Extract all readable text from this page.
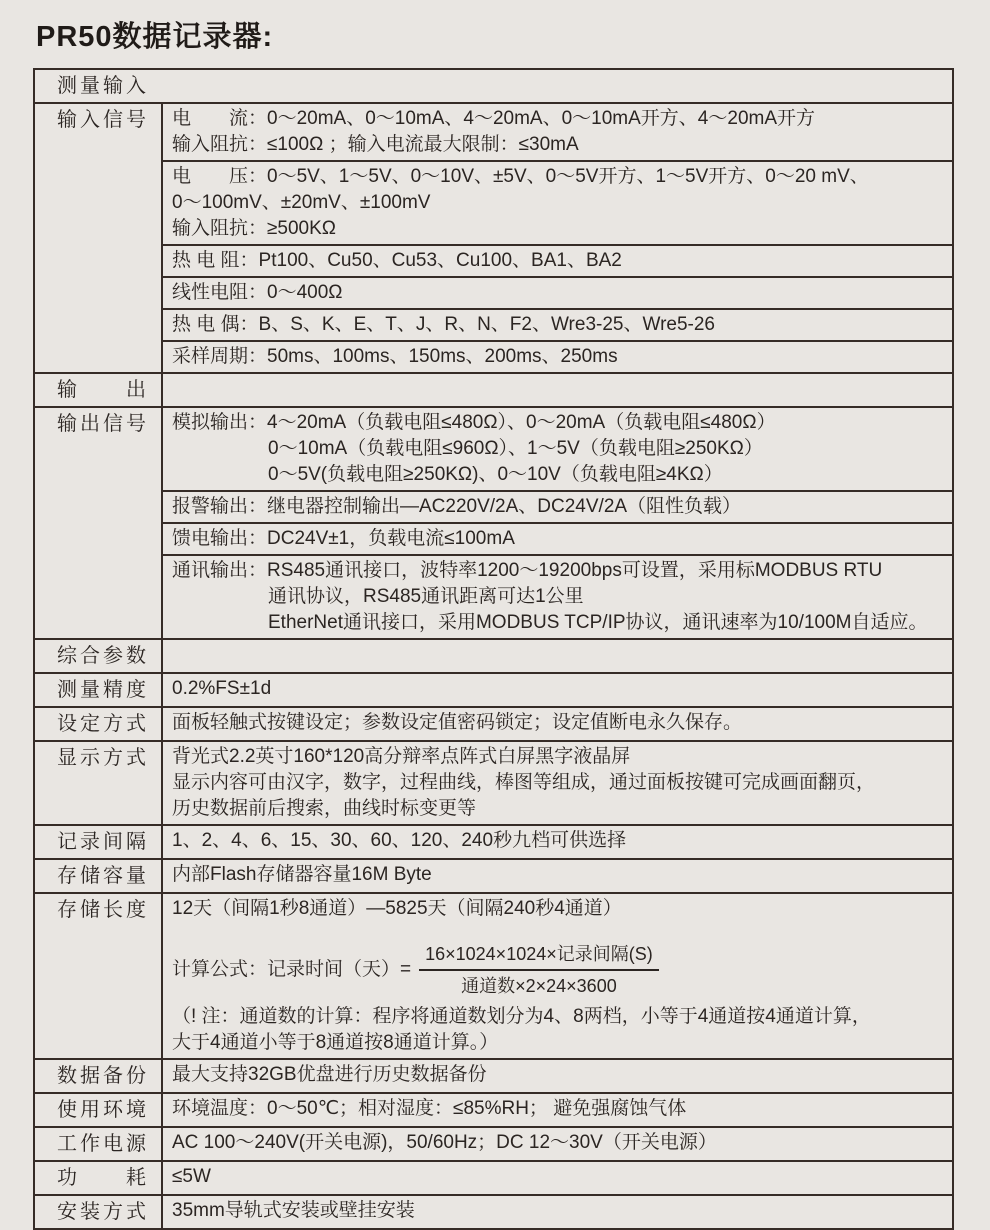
PR50数据记录器:
测量输入
输入信号	电　　流：0～20mA、0～10mA、4～20mA、0～10mA开方、4～20mA开方
输入阻抗：≤100Ω ；输入电流最大限制：≤30mA
电　　压：0～5V、1～5V、0～10V、±5V、0～5V开方、1～5V开方、0～20 mV、
0～100mV、±20mV、±100mV
输入阻抗：≥500KΩ
热 电 阻：Pt100、Cu50、Cu53、Cu100、BA1、BA2
线性电阻：0～400Ω
热 电 偶：B、S、K、E、T、J、R、N、F2、Wre3-25、Wre5-26
采样周期：50ms、100ms、150ms、200ms、250ms
输　　出
输出信号	模拟输出：4～20mA（负载电阻≤480Ω）、0～20mA（负载电阻≤480Ω）
0～10mA（负载电阻≤960Ω）、1～5V（负载电阻≥250KΩ）
0～5V(负载电阻≥250KΩ)、0～10V（负载电阻≥4KΩ）
报警输出：继电器控制输出—AC220V/2A、DC24V/2A（阻性负载）
馈电输出：DC24V±1，负载电流≤100mA
通讯输出：RS485通讯接口，波特率1200～19200bps可设置，采用标MODBUS RTU
通讯协议，RS485通讯距离可达1公里
EtherNet通讯接口，采用MODBUS TCP/IP协议，通讯速率为10/100M自适应。
综合参数
测量精度	0.2%FS±1d
设定方式	面板轻触式按键设定；参数设定值密码锁定；设定值断电永久保存。
显示方式	背光式2.2英寸160*120高分辩率点阵式白屏黑字液晶屏
显示内容可由汉字，数字，过程曲线，棒图等组成，通过面板按键可完成画面翻页，
历史数据前后搜索，曲线时标变更等
记录间隔	1、2、4、6、15、30、60、120、240秒九档可供选择
存储容量	内部Flash存储器容量16M Byte
存储长度	12天（间隔1秒8通道）—5825天（间隔240秒4通道）
计算公式：记录时间（天）= $\frac{\text{16×1024×1024×记录间隔(S)}}{\text{通道数×2×24×3600}}$
（! 注：通道数的计算：程序将通道数划分为4、8两档，小等于4通道按4通道计算，
大于4通道小等于8通道按8通道计算。）
数据备份	最大支持32GB优盘进行历史数据备份
使用环境	环境温度：0～50℃；相对湿度：≤85%RH； 避免强腐蚀气体
工作电源	AC 100～240V(开关电源)，50/60Hz；DC 12～30V（开关电源）
功　　耗	≤5W
安装方式	35mm导轨式安装或壁挂安装
